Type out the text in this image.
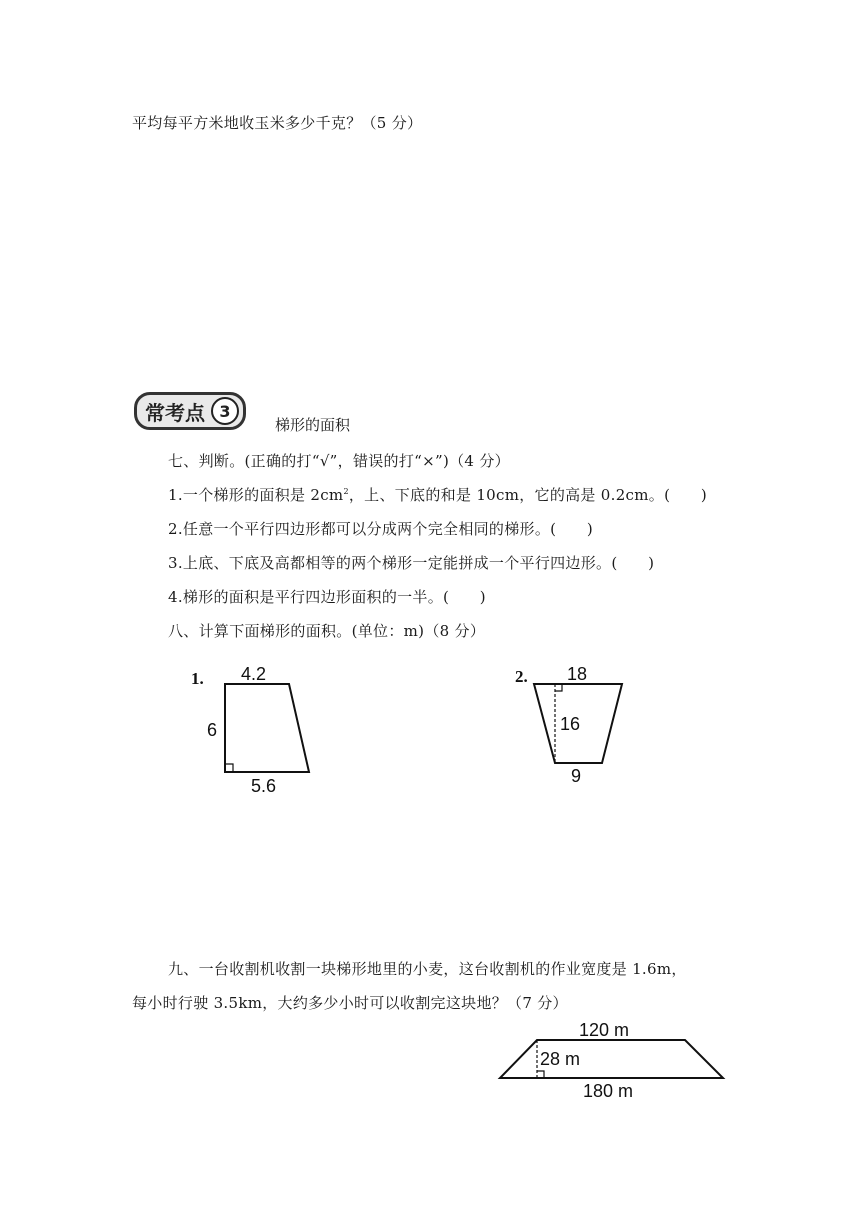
平均每平方米地收玉米多少千克？（5 分）
常考点 3
梯形的面积
七、判断。(正确的打“√”，错误的打“×”)（4 分）
1.一个梯形的面积是 $2cm^2$，上、下底的和是 10cm，它的高是 0.2cm。(　　)
2.任意一个平行四边形都可以分成两个完全相同的梯形。(　　)
3.上底、下底及高都相等的两个梯形一定能拼成一个平行四边形。(　　)
4.梯形的面积是平行四边形面积的一半。(　　)
八、计算下面梯形的面积。(单位：m)（8 分）
1. 4.2
6
5.6
2. 18
16
9
九、一台收割机收割一块梯形地里的小麦，这台收割机的作业宽度是 1.6m，
每小时行驶 3.5km，大约多少小时可以收割完这块地？（7 分）
120 m
28 m
180 m
